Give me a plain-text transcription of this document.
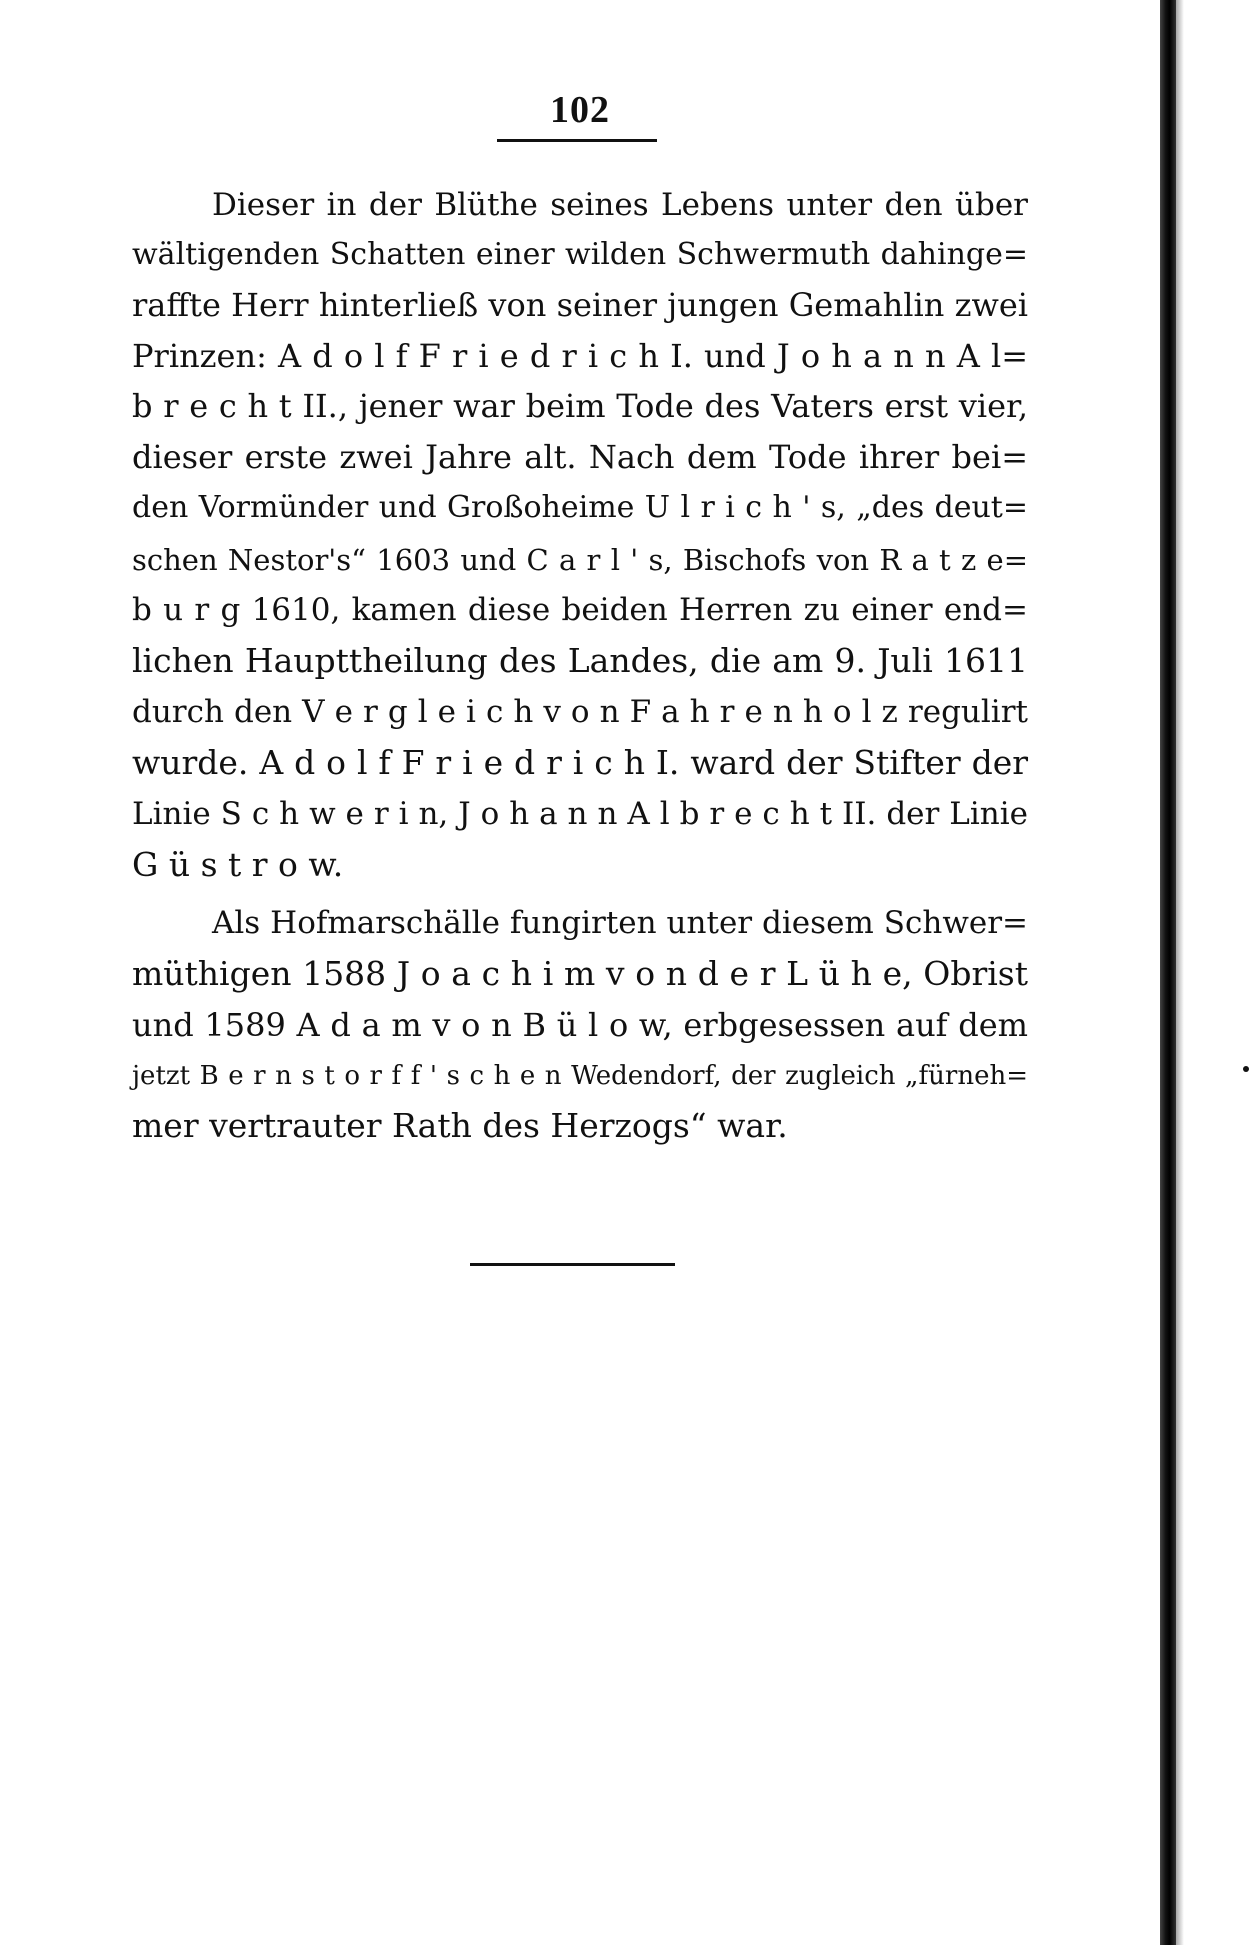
102
Dieser in der Blüthe seines Lebens unter den über
wältigenden Schatten einer wilden Schwermuth dahinge=
raffte Herr hinterließ von seiner jungen Gemahlin zwei
Prinzen: A d o l f F r i e d r i c h I. und J o h a n n A l=
b r e c h t II., jener war beim Tode des Vaters erst vier,
dieser erste zwei Jahre alt. Nach dem Tode ihrer bei=
den Vormünder und Großoheime U l r i c h ' s, „des deut=
schen Nestor's“ 1603 und C a r l ' s, Bischofs von R a t z e=
b u r g 1610, kamen diese beiden Herren zu einer end=
lichen Haupttheilung des Landes, die am 9. Juli 1611
durch den V e r g l e i c h v o n F a h r e n h o l z regulirt
wurde. A d o l f F r i e d r i c h I. ward der Stifter der
Linie S c h w e r i n, J o h a n n A l b r e c h t II. der Linie
G ü s t r o w.
Als Hofmarschälle fungirten unter diesem Schwer=
müthigen 1588 J o a c h i m v o n d e r L ü h e, Obrist
und 1589 A d a m v o n B ü l o w, erbgesessen auf dem
jetzt B e r n s t o r f f ' s c h e n Wedendorf, der zugleich „fürneh=
mer vertrauter Rath des Herzogs“ war.
